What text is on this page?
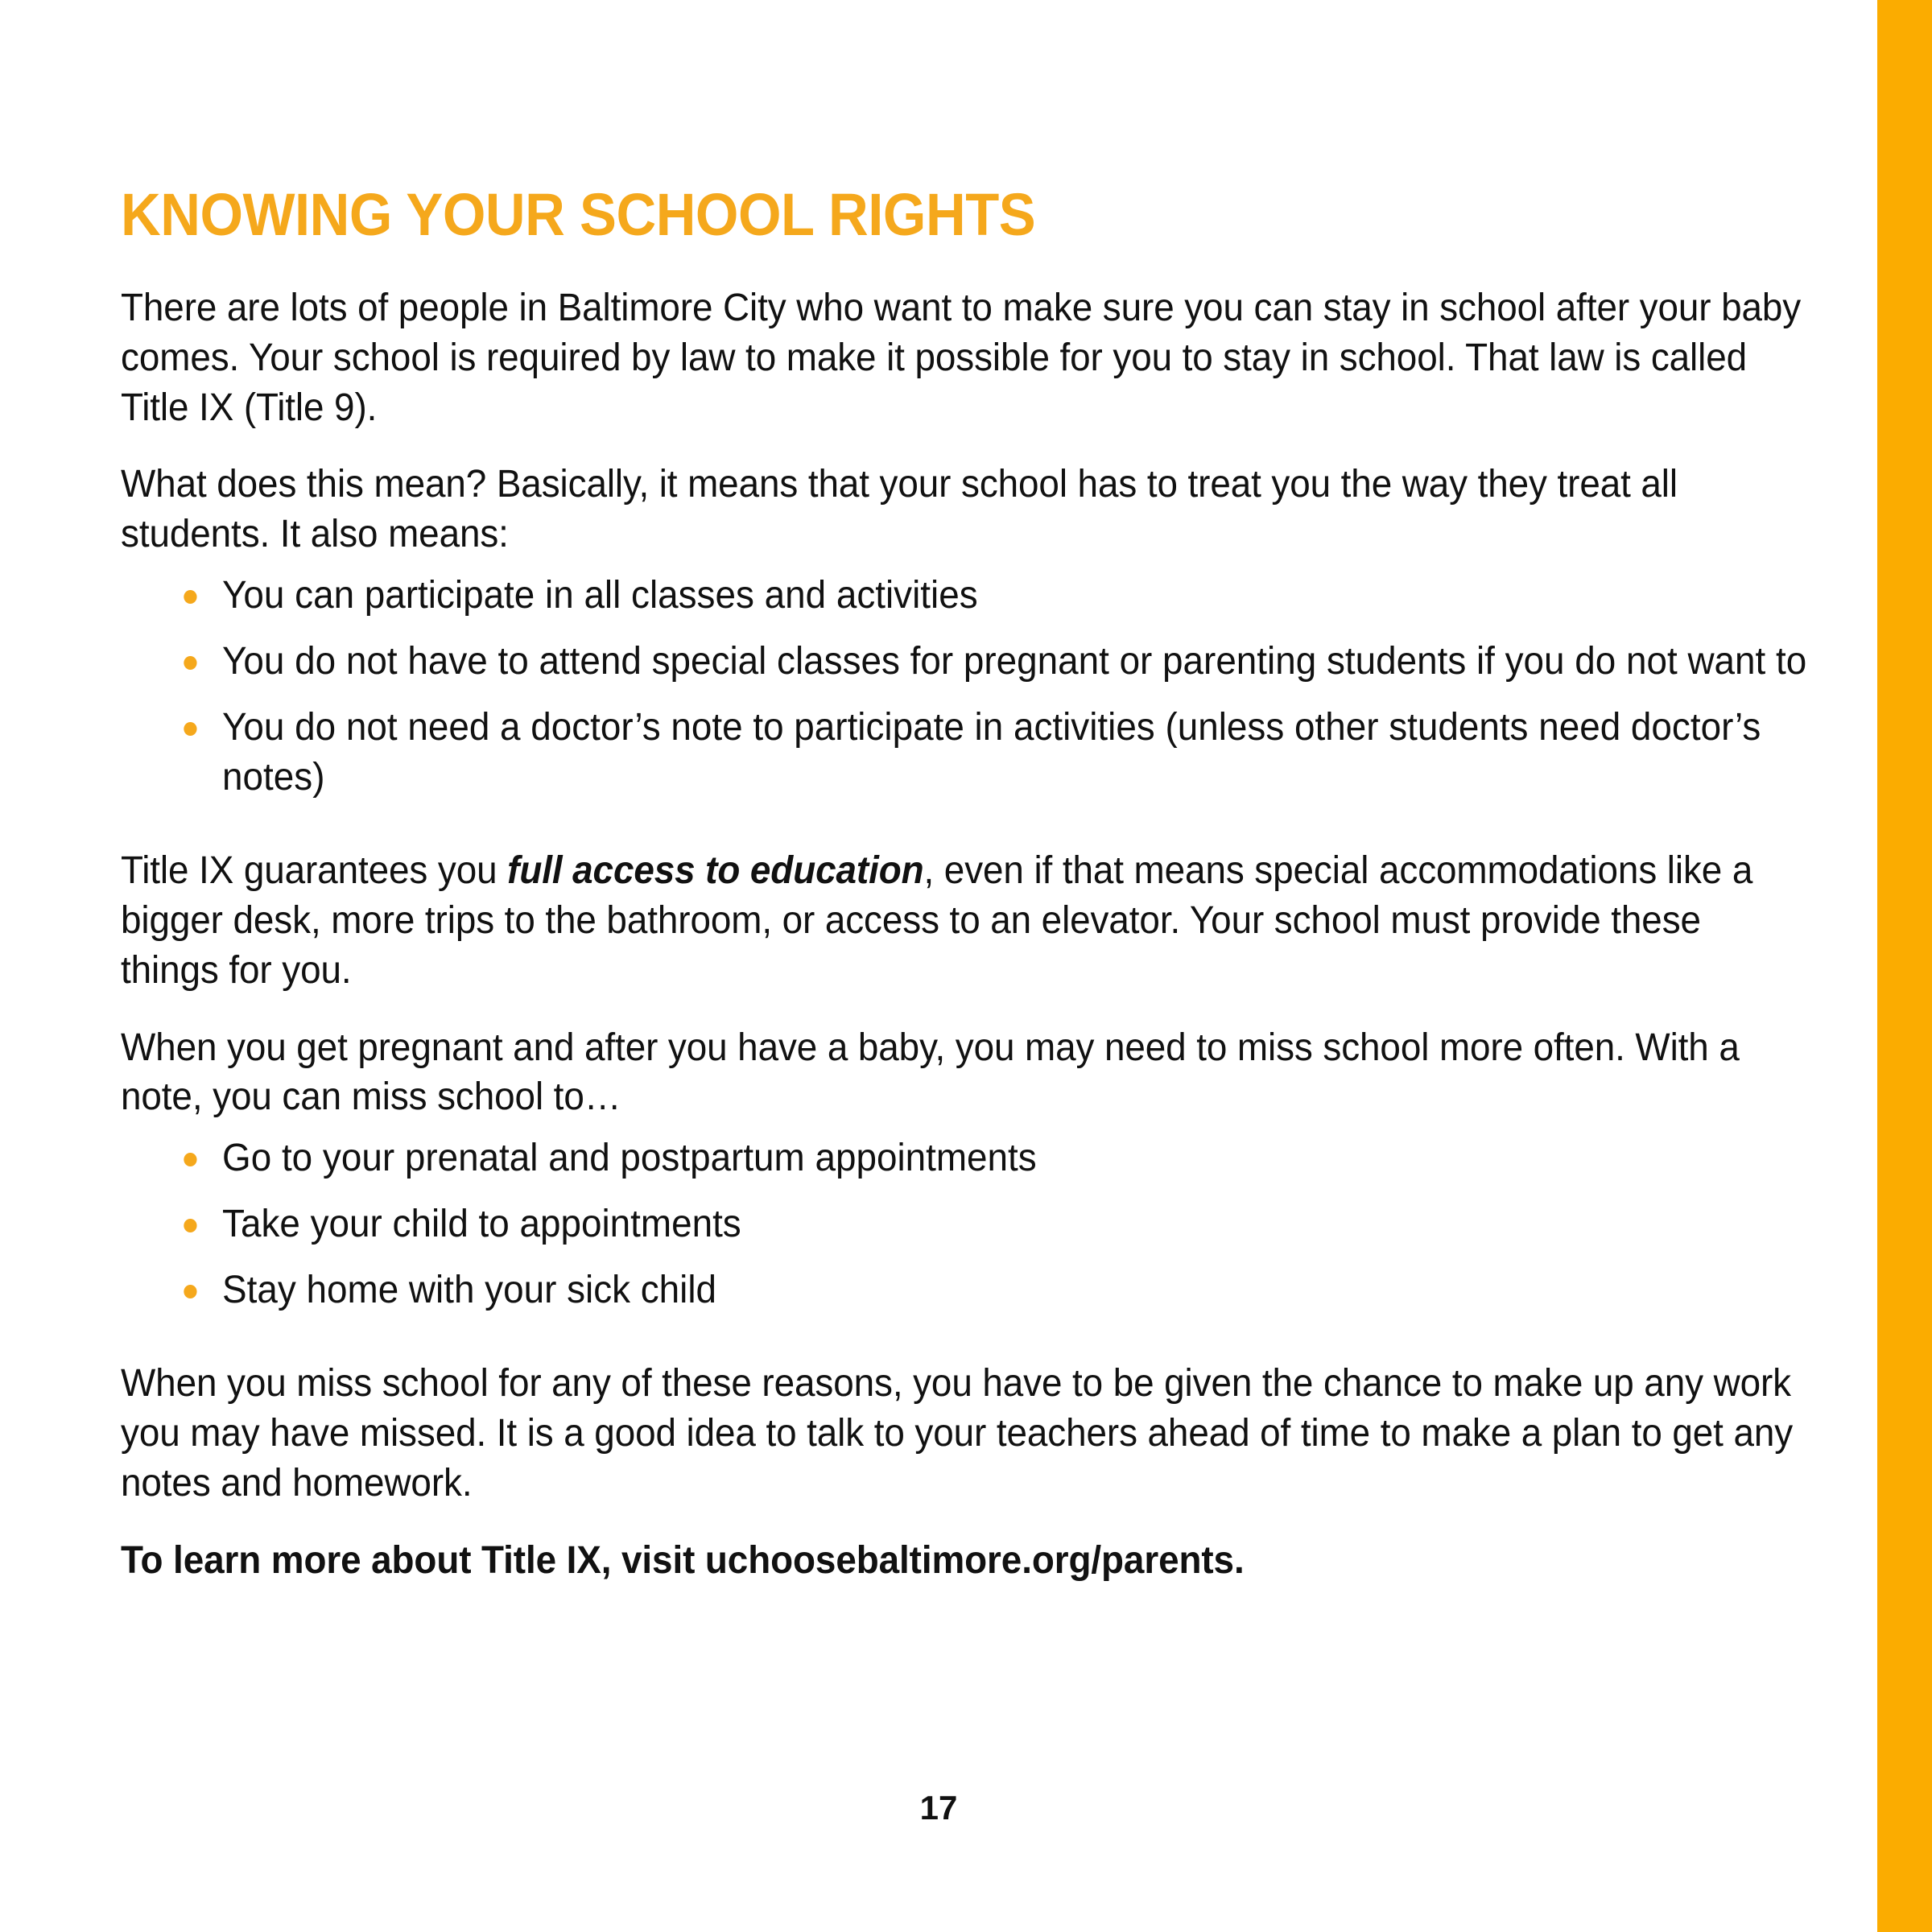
KNOWING YOUR SCHOOL RIGHTS

There are lots of people in Baltimore City who want to make sure you can stay in school after your baby comes. Your school is required by law to make it possible for you to stay in school. That law is called Title IX (Title 9).

What does this mean? Basically, it means that your school has to treat you the way they treat all students. It also means:

You can participate in all classes and activities
You do not have to attend special classes for pregnant or parenting students if you do not want to
You do not need a doctor’s note to participate in activities (unless other students need doctor’s notes)

Title IX guarantees you full access to education, even if that means special accommodations like a bigger desk, more trips to the bathroom, or access to an elevator. Your school must provide these things for you.

When you get pregnant and after you have a baby, you may need to miss school more often. With a note, you can miss school to…

Go to your prenatal and postpartum appointments
Take your child to appointments
Stay home with your sick child

When you miss school for any of these reasons, you have to be given the chance to make up any work you may have missed. It is a good idea to talk to your teachers ahead of time to make a plan to get any notes and homework.

To learn more about Title IX, visit uchoosebaltimore.org/parents.

17
